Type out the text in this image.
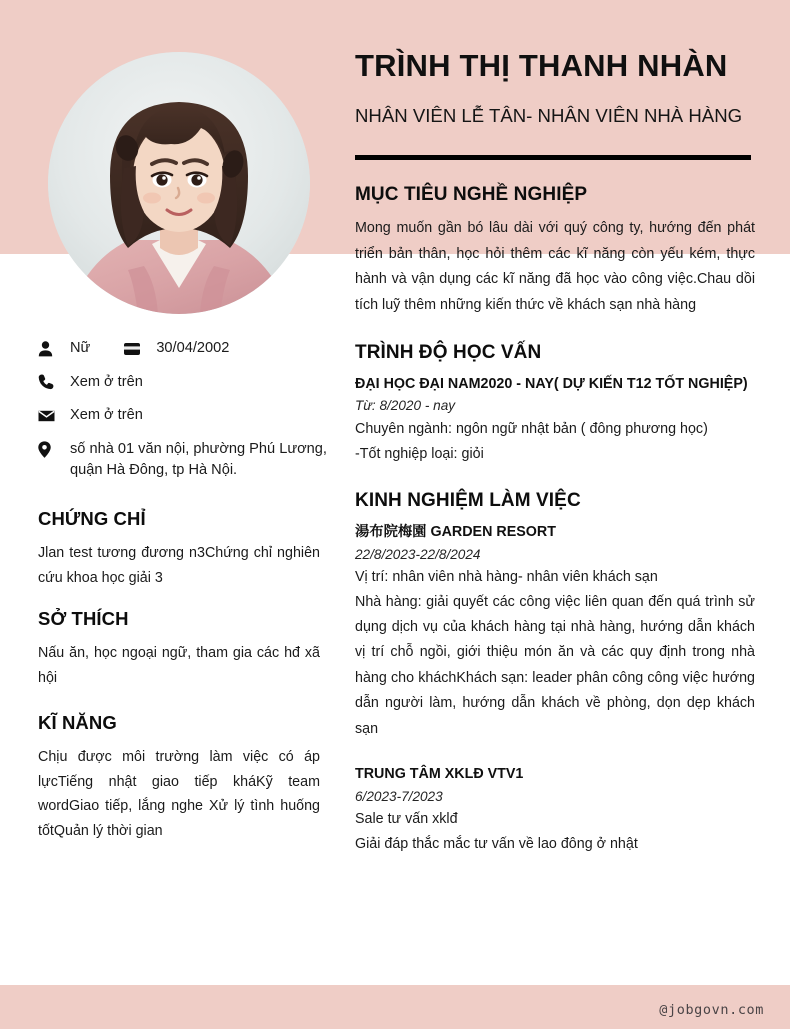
Nữ	30/04/2002
Xem ở trên
Xem ở trên
số nhà 01 văn nội, phường Phú Lương, quận Hà Đông, tp Hà Nội.
CHỨNG CHỈ

Jlan test tương đương n3Chứng chỉ nghiên cứu khoa học giải 3

SỞ THÍCH

Nấu ăn, học ngoại ngữ, tham gia các hđ xã hội

KĨ NĂNG

Chịu được môi trường làm việc có áp lựcTiếng nhật giao tiếp kháKỹ team wordGiao tiếp, lắng nghe Xử lý tình huống tốtQuản lý thời gian

TRÌNH THỊ THANH NHÀN
NHÂN VIÊN LỄ TÂN- NHÂN VIÊN NHÀ HÀNG
MỤC TIÊU NGHỀ NGHIỆP

Mong muốn gần bó lâu dài với quý công ty, hướng đến phát triển bản thân, học hỏi thêm các kĩ năng còn yếu kém, thực hành và vận dụng các kĩ năng đã học vào công việc.Chau dồi tích luỹ thêm những kiến thức về khách sạn nhà hàng

TRÌNH ĐỘ HỌC VẤN
ĐẠI HỌC ĐẠI NAM2020 - NAY( DỰ KIẾN T12 TỐT NGHIỆP)
Từ: 8/2020 - nay
Chuyên ngành: ngôn ngữ nhật bản ( đông phương học)
-Tốt nghiệp loại: giỏi
KINH NGHIỆM LÀM VIỆC
湯布院梅園 GARDEN RESORT
22/8/2023-22/8/2024
Vị trí: nhân viên nhà hàng- nhân viên khách sạn
Nhà hàng: giải quyết các công việc liên quan đến quá trình sử dụng dịch vụ của khách hàng tại nhà hàng, hướng dẫn khách vị trí chỗ ngồi, giới thiệu món ăn và các quy định trong nhà hàng cho kháchKhách sạn: leader phân công công việc hướng dẫn người làm, hướng dẫn khách về phòng, dọn dẹp khách sạn
TRUNG TÂM XKLĐ VTV1
6/2023-7/2023
Sale tư vấn xklđ
Giải đáp thắc mắc tư vấn về lao đông ở nhật
@jobgovn.com
